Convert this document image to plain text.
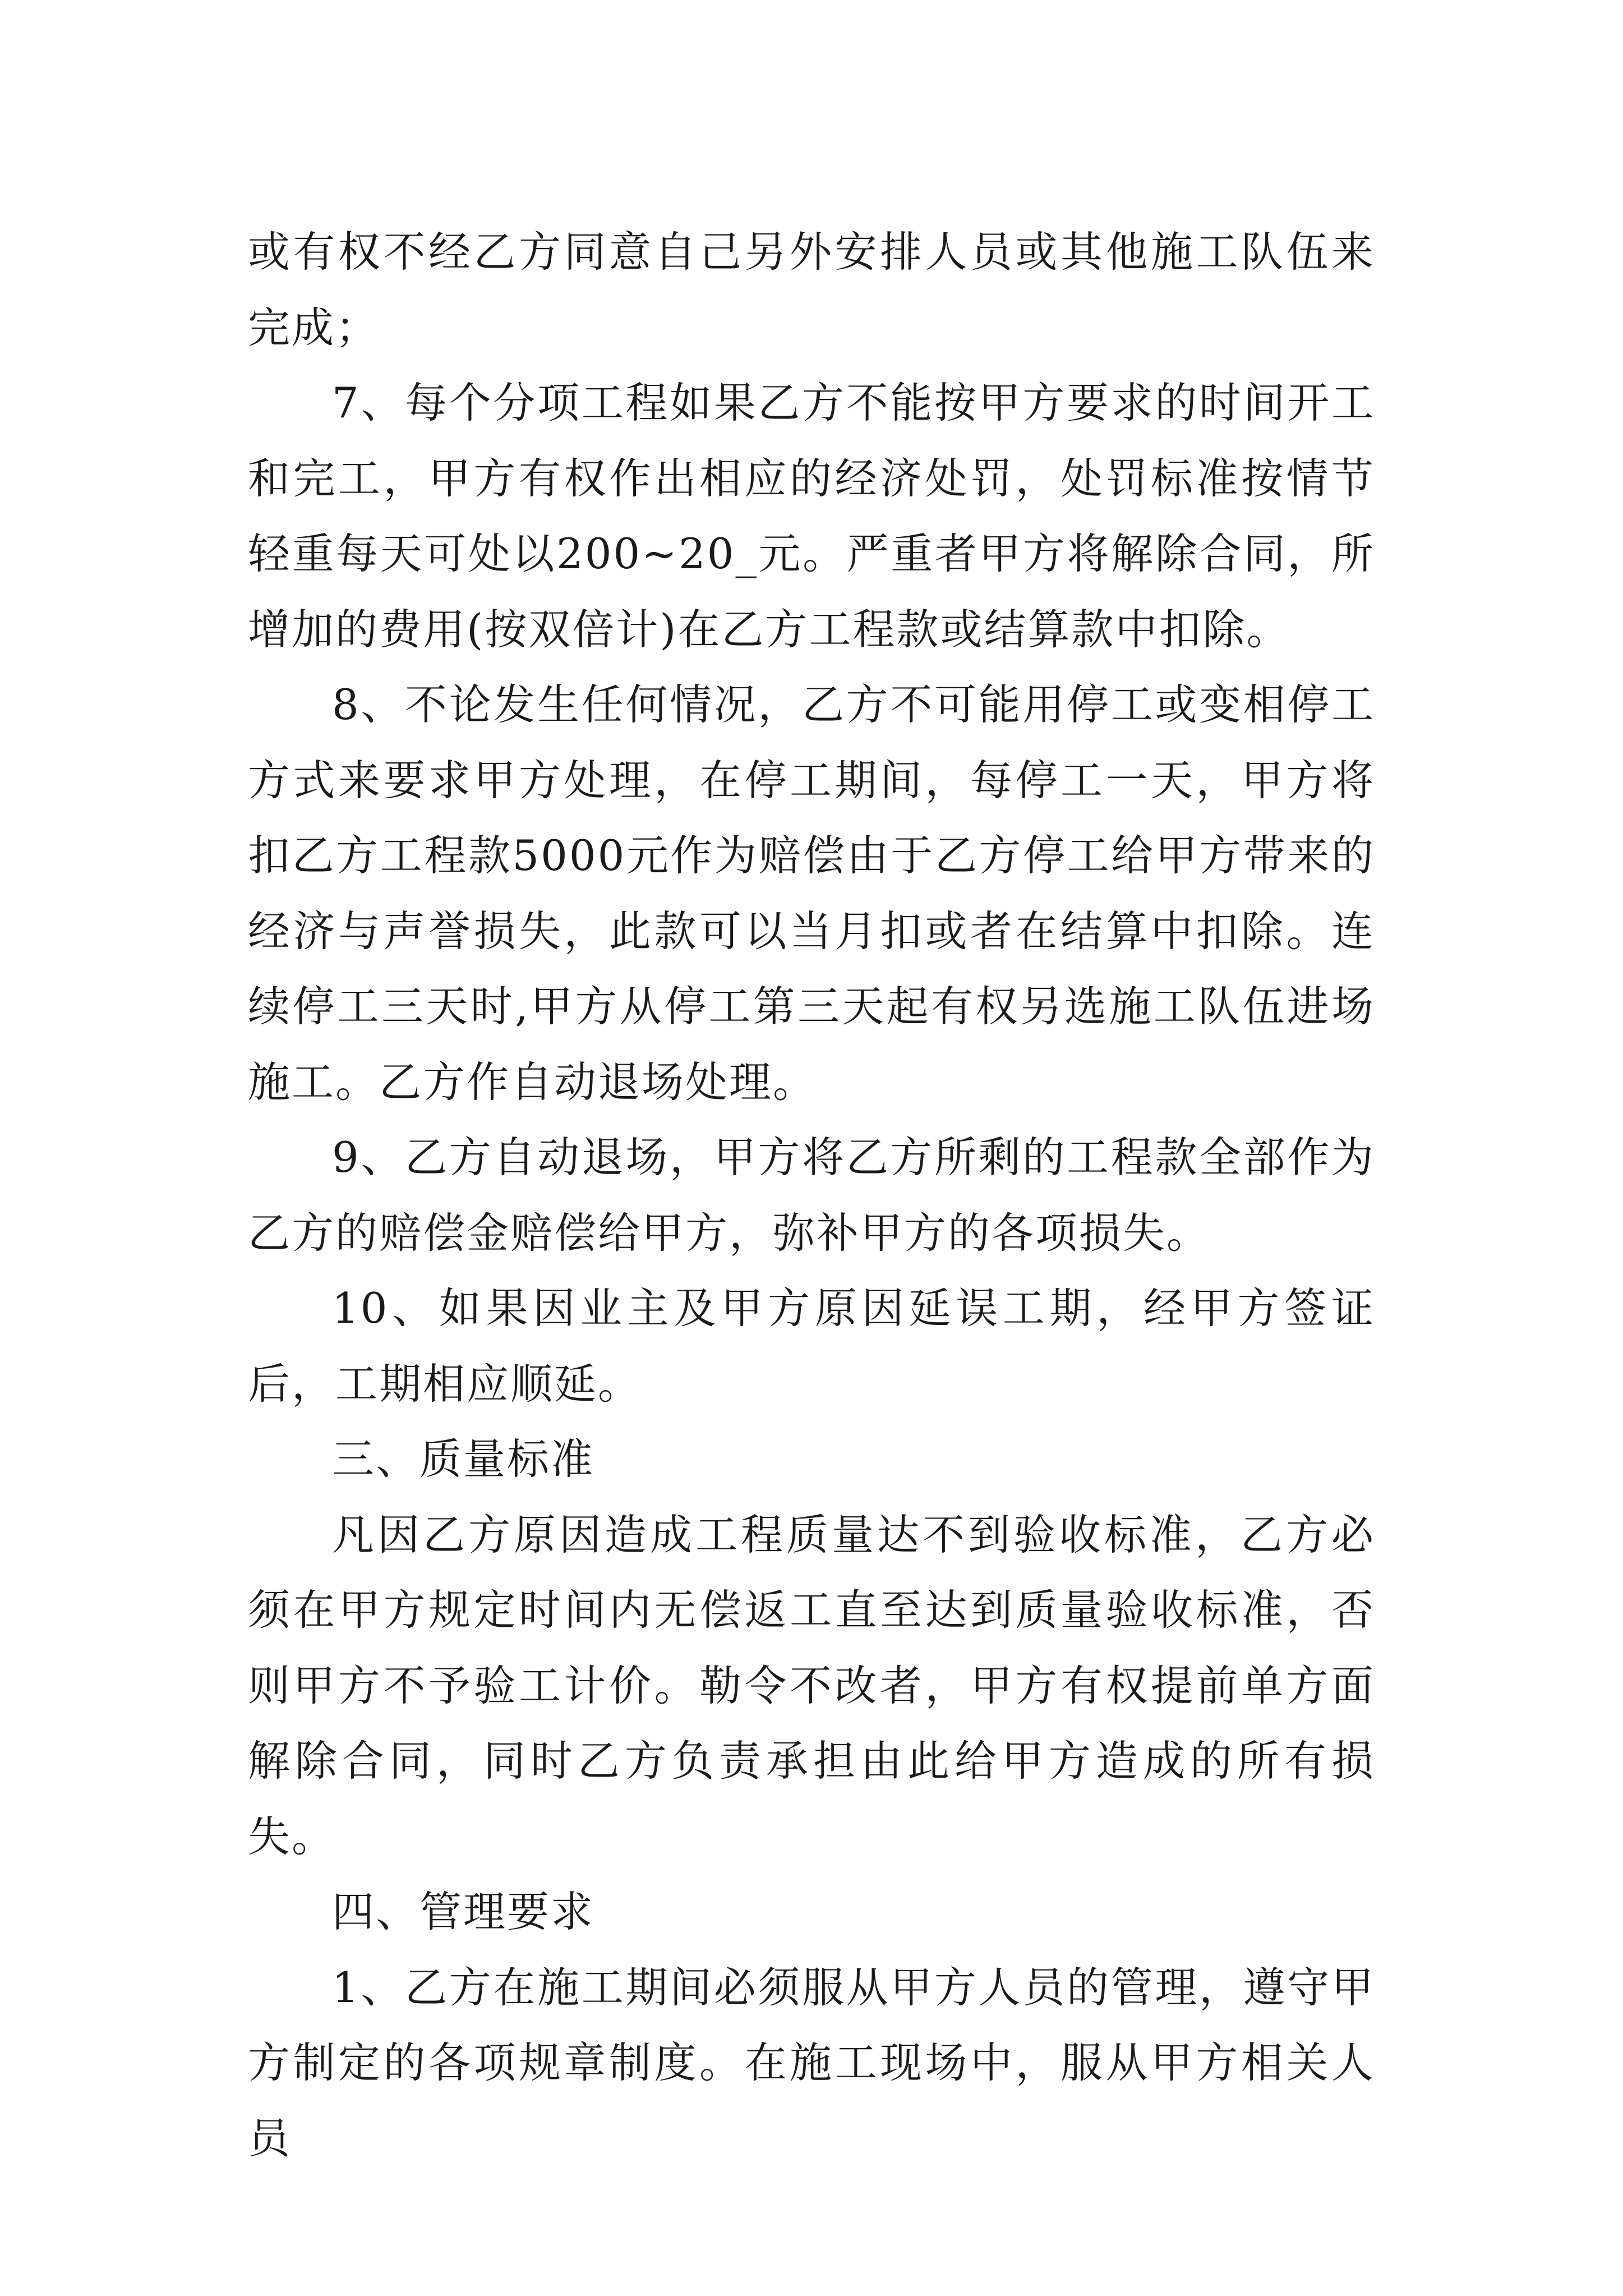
或有权不经乙方同意自己另外安排人员或其他施工队伍来完成；

7、每个分项工程如果乙方不能按甲方要求的时间开工和完工，甲方有权作出相应的经济处罚，处罚标准按情节轻重每天可处以200~20_元。严重者甲方将解除合同，所增加的费用(按双倍计)在乙方工程款或结算款中扣除。

8、不论发生任何情况，乙方不可能用停工或变相停工方式来要求甲方处理，在停工期间，每停工一天，甲方将扣乙方工程款5000元作为赔偿由于乙方停工给甲方带来的经济与声誉损失，此款可以当月扣或者在结算中扣除。连续停工三天时,甲方从停工第三天起有权另选施工队伍进场施工。乙方作自动退场处理。

9、乙方自动退场，甲方将乙方所剩的工程款全部作为乙方的赔偿金赔偿给甲方，弥补甲方的各项损失。

10、如果因业主及甲方原因延误工期，经甲方签证后，工期相应顺延。

三、质量标准

凡因乙方原因造成工程质量达不到验收标准，乙方必须在甲方规定时间内无偿返工直至达到质量验收标准，否则甲方不予验工计价。勒令不改者，甲方有权提前单方面解除合同，同时乙方负责承担由此给甲方造成的所有损失。

四、管理要求

1、乙方在施工期间必须服从甲方人员的管理，遵守甲方制定的各项规章制度。在施工现场中，服从甲方相关人员
